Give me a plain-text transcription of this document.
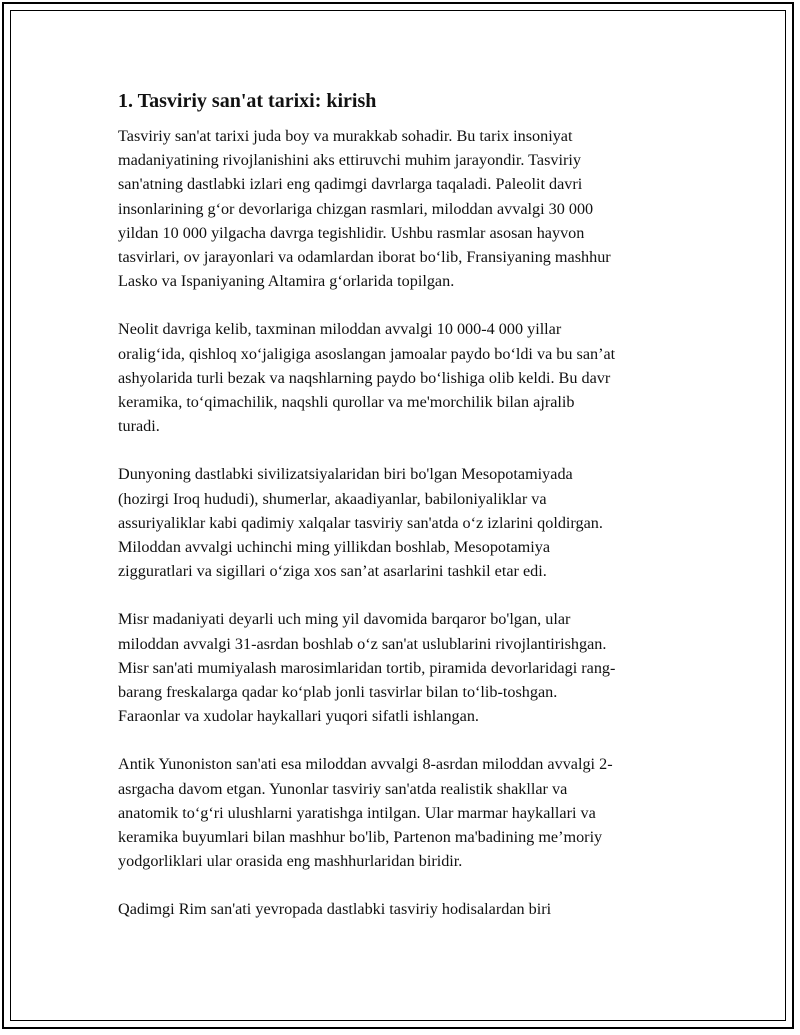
1. Tasviriy san'at tarixi: kirish

Tasviriy san'at tarixi juda boy va murakkab sohadir. Bu tarix insoniyat
madaniyatining rivojlanishini aks ettiruvchi muhim jarayondir. Tasviriy
san'atning dastlabki izlari eng qadimgi davrlarga taqaladi. Paleolit davri
insonlarining g‘or devorlariga chizgan rasmlari, miloddan avvalgi 30 000
yildan 10 000 yilgacha davrga tegishlidir. Ushbu rasmlar asosan hayvon
tasvirlari, ov jarayonlari va odamlardan iborat bo‘lib, Fransiyaning mashhur
Lasko va Ispaniyaning Altamira g‘orlarida topilgan.

Neolit davriga kelib, taxminan miloddan avvalgi 10 000-4 000 yillar
oralig‘ida, qishloq xo‘jaligiga asoslangan jamoalar paydo bo‘ldi va bu san’at
ashyolarida turli bezak va naqshlarning paydo bo‘lishiga olib keldi. Bu davr
keramika, to‘qimachilik, naqshli qurollar va me'morchilik bilan ajralib
turadi.

Dunyoning dastlabki sivilizatsiyalaridan biri bo'lgan Mesopotamiyada
(hozirgi Iroq hududi), shumerlar, akaadiyanlar, babiloniyaliklar va
assuriyaliklar kabi qadimiy xalqalar tasviriy san'atda o‘z izlarini qoldirgan.
Miloddan avvalgi uchinchi ming yillikdan boshlab, Mesopotamiya
zigguratlari va sigillari o‘ziga xos san’at asarlarini tashkil etar edi.

Misr madaniyati deyarli uch ming yil davomida barqaror bo'lgan, ular
miloddan avvalgi 31-asrdan boshlab o‘z san'at uslublarini rivojlantirishgan.
Misr san'ati mumiyalash marosimlaridan tortib, piramida devorlaridagi rang-
barang freskalarga qadar ko‘plab jonli tasvirlar bilan to‘lib-toshgan.
Faraonlar va xudolar haykallari yuqori sifatli ishlangan.

Antik Yunoniston san'ati esa miloddan avvalgi 8-asrdan miloddan avvalgi 2-
asrgacha davom etgan. Yunonlar tasviriy san'atda realistik shakllar va
anatomik to‘g‘ri ulushlarni yaratishga intilgan. Ular marmar haykallari va
keramika buyumlari bilan mashhur bo'lib, Partenon ma'badining me’moriy
yodgorliklari ular orasida eng mashhurlaridan biridir.

Qadimgi Rim san'ati yevropada dastlabki tasviriy hodisalardan biri
